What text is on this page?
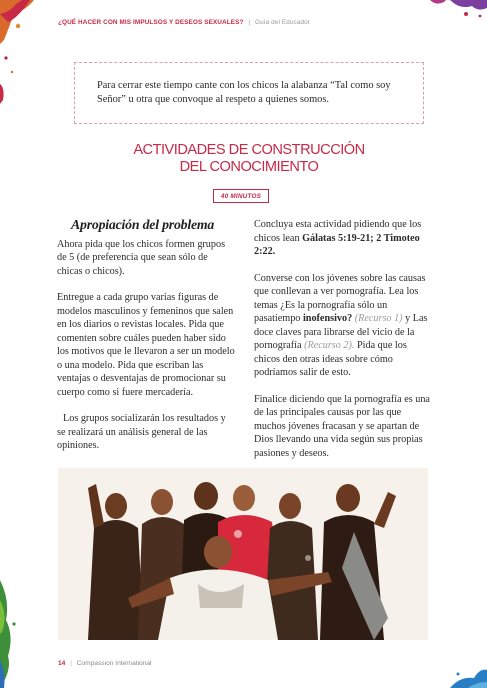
¿QUÉ HACER CON MIS IMPULSOS Y DESEOS SEXUALES? | Guía del Educador
Para cerrar este tiempo cante con los chicos la alabanza “Tal como soy Señor” u otra que convoque al respeto a quienes somos.
ACTIVIDADES DE CONSTRUCCIÓN
DEL CONOCIMIENTO
40 MINUTOS
Apropiación del problema

Ahora pida que los chicos formen grupos de 5 (de preferencia que sean sólo de chicas o chicos).

Entregue a cada grupo varias figuras de modelos masculinos y femeninos que salen en los diarios o revistas locales. Pida que comenten sobre cuáles pueden haber sido los motivos que le llevaron a ser un modelo o una modelo. Pida que escriban las ventajas o desventajas de promocionar su cuerpo como si fuere mercadería.

Los grupos socializarán los resultados y se realizará un análisis general de las opiniones.

Concluya esta actividad pidiendo que los chicos lean Gálatas 5:19-21; 2 Timoteo 2:22.

Converse con los jóvenes sobre las causas que conllevan a ver pornografía. Lea los temas ¿Es la pornografía sólo un pasatiempo inofensivo? (Recurso 1) y Las doce claves para librarse del vicio de la pornografía (Recurso 2). Pida que los chicos den otras ideas sobre cómo podríamos salir de esto.

Finalice diciendo que la pornografía es una de las principales causas por las que muchos jóvenes fracasan y se apartan de Dios llevando una vida según sus propias pasiones y deseos.

14 | Compassion International
